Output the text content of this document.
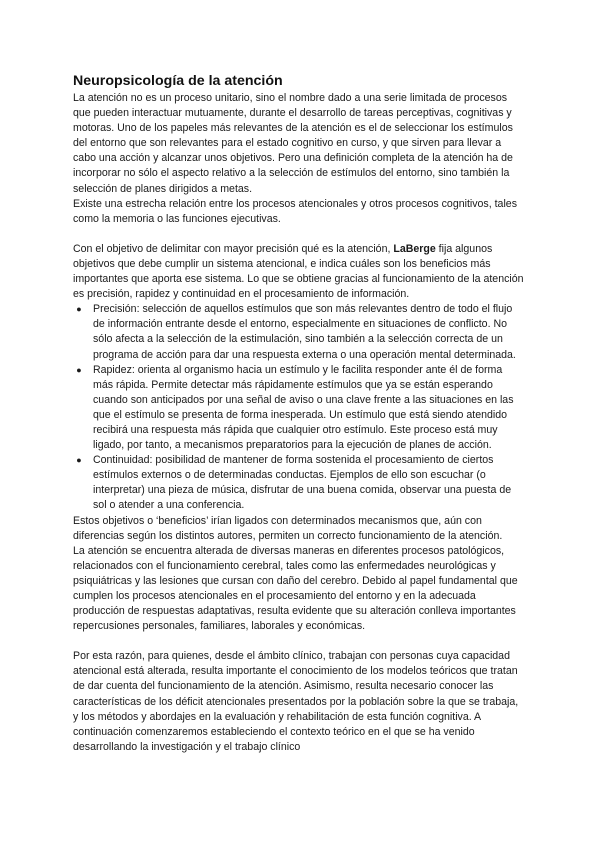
Neuropsicología de la atención

La atención no es un proceso unitario, sino el nombre dado a una serie limitada de procesos que pueden interactuar mutuamente, durante el desarrollo de tareas perceptivas, cognitivas y motoras. Uno de los papeles más relevantes de la atención es el de seleccionar los estímulos del entorno que son relevantes para el estado cognitivo en curso, y que sirven para llevar a cabo una acción y alcanzar unos objetivos. Pero una definición completa de la atención ha de incorporar no sólo el aspecto relativo a la selección de estímulos del entorno, sino también la selección de planes dirigidos a metas.

Existe una estrecha relación entre los procesos atencionales y otros procesos cognitivos, tales como la memoria o las funciones ejecutivas.

Con el objetivo de delimitar con mayor precisión qué es la atención, LaBerge fija algunos objetivos que debe cumplir un sistema atencional, e indica cuáles son los beneficios más importantes que aporta ese sistema. Lo que se obtiene gracias al funcionamiento de la atención es precisión, rapidez y continuidad en el procesamiento de información.

● Precisión: selección de aquellos estímulos que son más relevantes dentro de todo el flujo de información entrante desde el entorno, especialmente en situaciones de conflicto. No sólo afecta a la selección de la estimulación, sino también a la selección correcta de un programa de acción para dar una respuesta externa o una operación mental determinada.
● Rapidez: orienta al organismo hacia un estímulo y le facilita responder ante él de forma más rápida. Permite detectar más rápidamente estímulos que ya se están esperando cuando son anticipados por una señal de aviso o una clave frente a las situaciones en las que el estímulo se presenta de forma inesperada. Un estímulo que está siendo atendido recibirá una respuesta más rápida que cualquier otro estímulo. Este proceso está muy ligado, por tanto, a mecanismos preparatorios para la ejecución de planes de acción.
● Continuidad: posibilidad de mantener de forma sostenida el procesamiento de ciertos estímulos externos o de determinadas conductas. Ejemplos de ello son escuchar (o interpretar) una pieza de música, disfrutar de una buena comida, observar una puesta de sol o atender a una conferencia.

Estos objetivos o ‘beneficios’ irían ligados con determinados mecanismos que, aún con diferencias según los distintos autores, permiten un correcto funcionamiento de la atención.

La atención se encuentra alterada de diversas maneras en diferentes procesos patológicos, relacionados con el funcionamiento cerebral, tales como las enfermedades neurológicas y psiquiátricas y las lesiones que cursan con daño del cerebro. Debido al papel fundamental que cumplen los procesos atencionales en el procesamiento del entorno y en la adecuada producción de respuestas adaptativas, resulta evidente que su alteración conlleva importantes repercusiones personales, familiares, laborales y económicas.

Por esta razón, para quienes, desde el ámbito clínico, trabajan con personas cuya capacidad atencional está alterada, resulta importante el conocimiento de los modelos teóricos que tratan de dar cuenta del funcionamiento de la atención. Asimismo, resulta necesario conocer las características de los déficit atencionales presentados por la población sobre la que se trabaja, y los métodos y abordajes en la evaluación y rehabilitación de esta función cognitiva. A continuación comenzaremos estableciendo el contexto teórico en el que se ha venido desarrollando la investigación y el trabajo clínico
